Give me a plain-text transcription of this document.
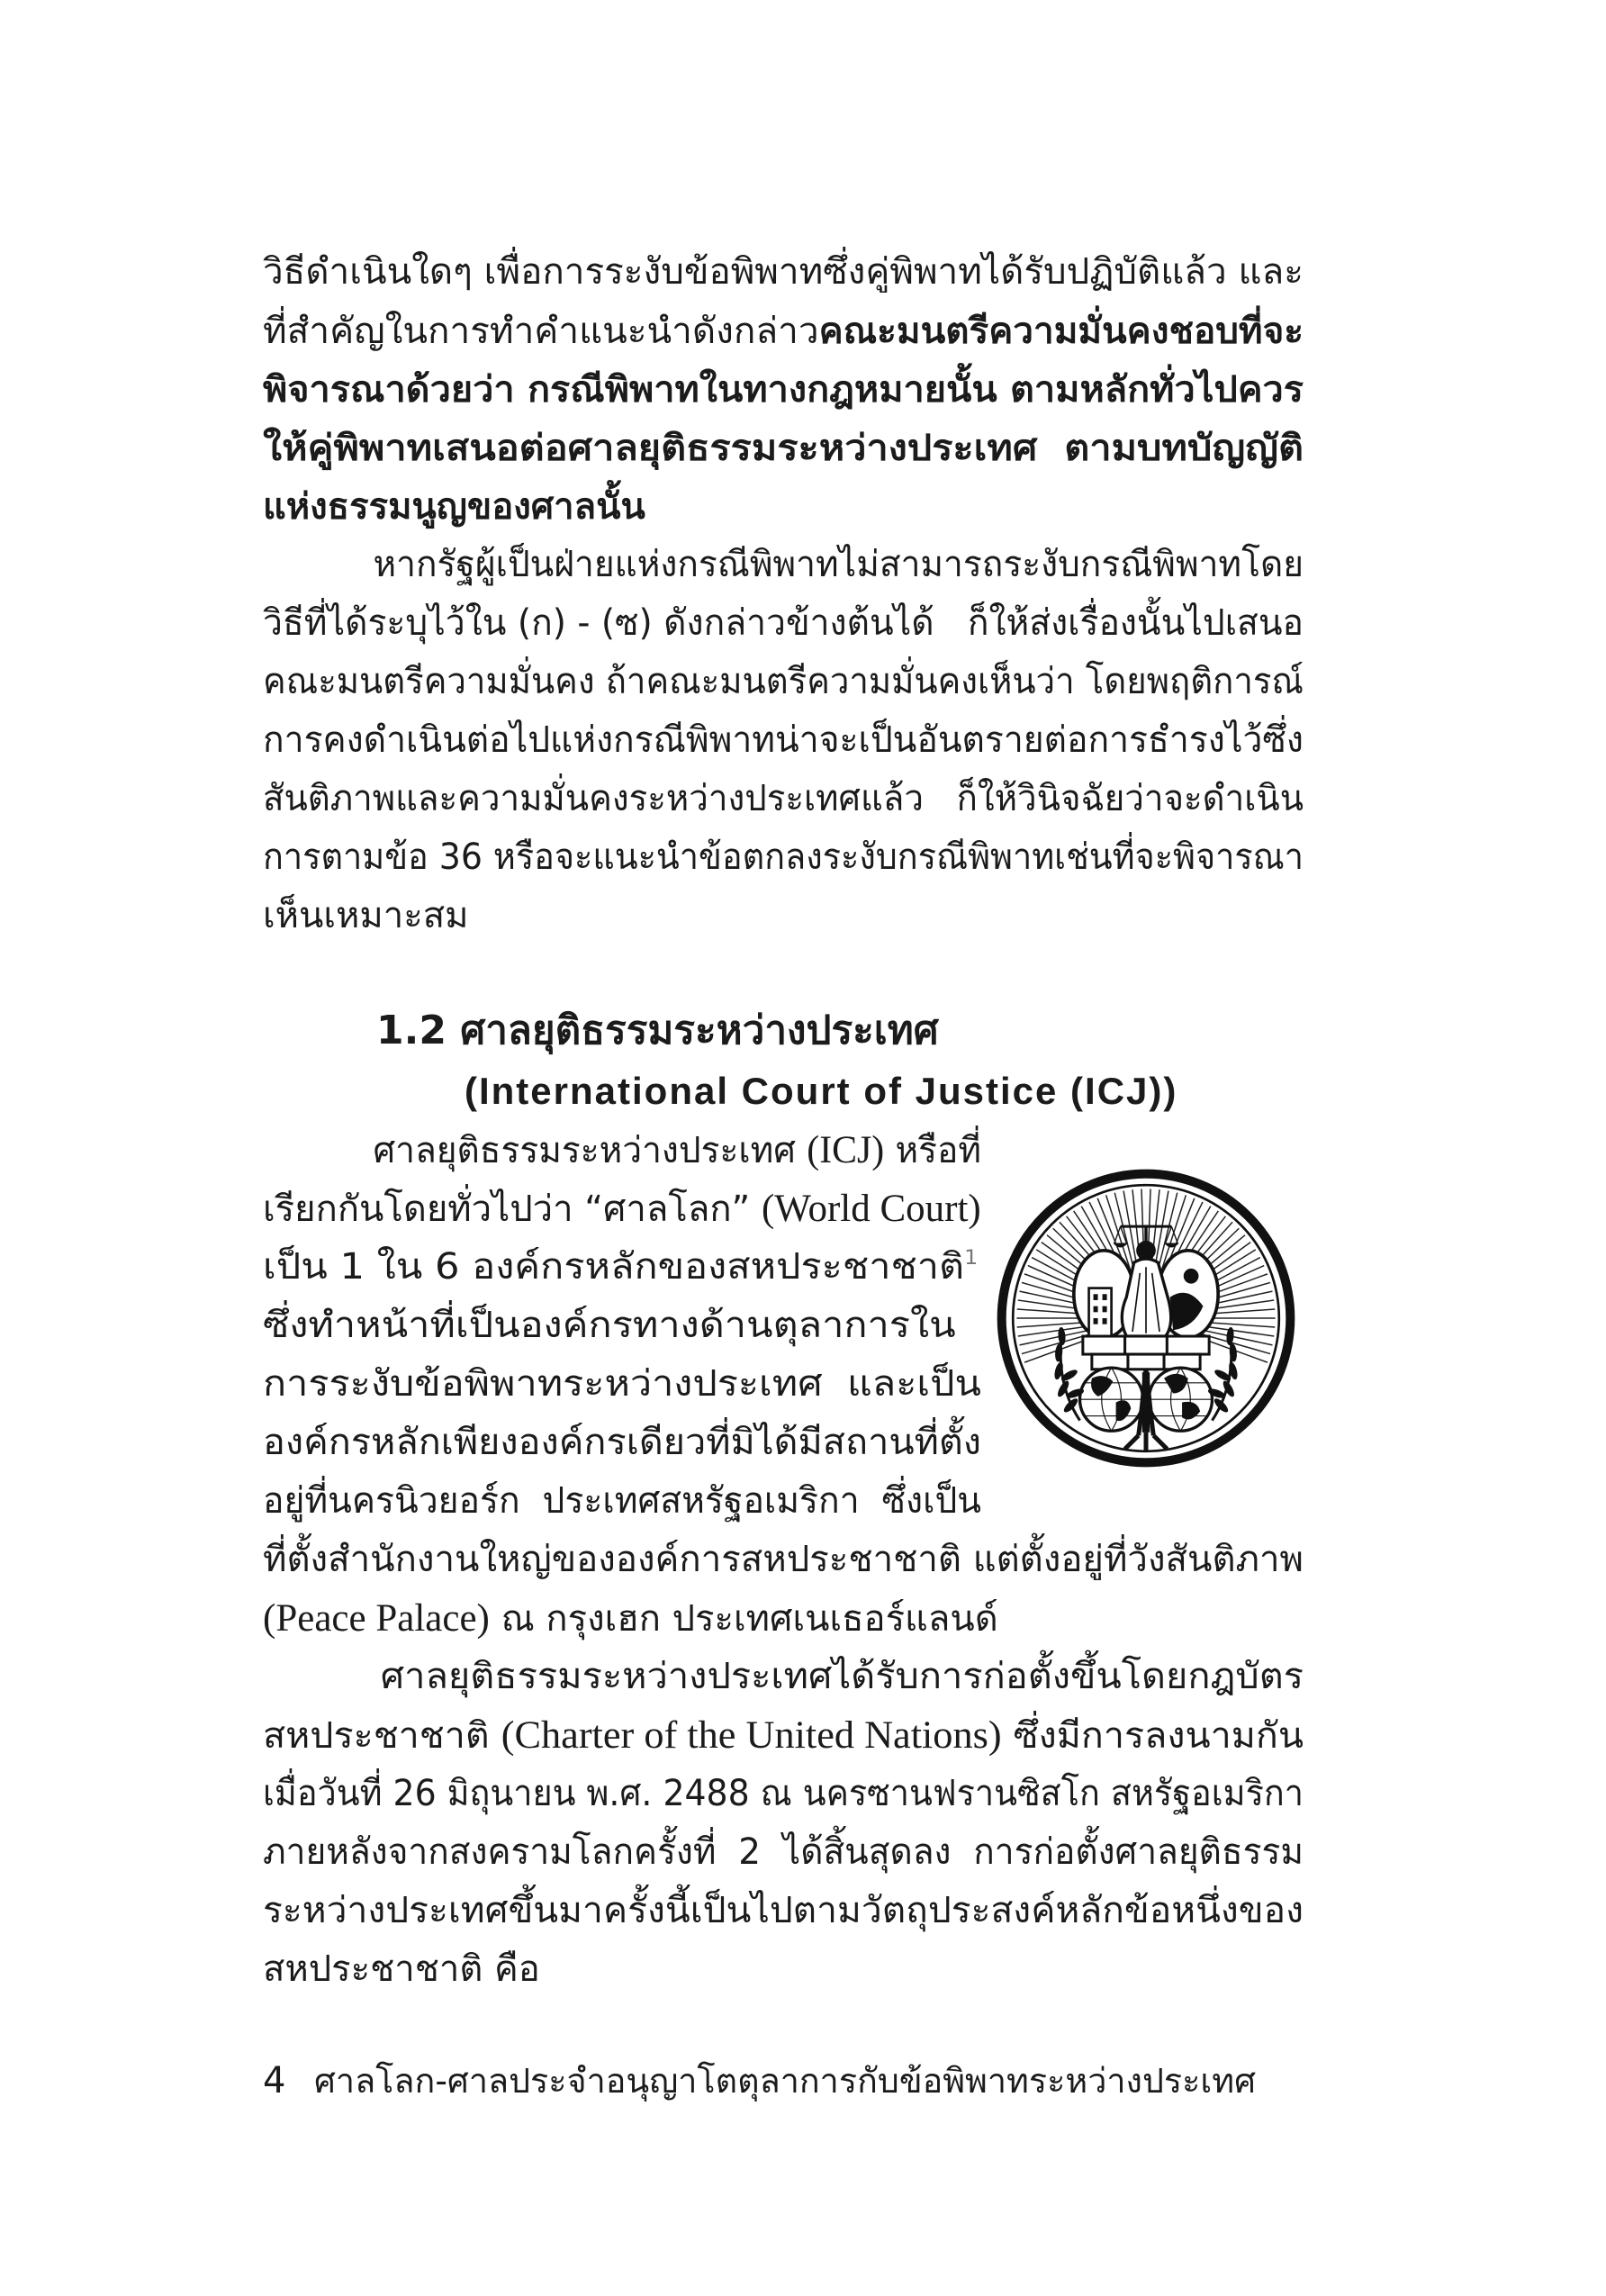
วิธีดำเนินใดๆ เพื่อการระงับข้อพิพาทซึ่งคู่พิพาทได้รับปฏิบัติแล้ว และ
ที่สำคัญในการทำคำแนะนำดังกล่าวคณะมนตรีความมั่นคงชอบที่จะ
พิจารณาด้วยว่า กรณีพิพาทในทางกฎหมายนั้น ตามหลักทั่วไปควร
ให้คู่พิพาทเสนอต่อศาลยุติธรรมระหว่างประเทศ  ตามบทบัญญัติ
แห่งธรรมนูญของศาลนั้น
หากรัฐผู้เป็นฝ่ายแห่งกรณีพิพาทไม่สามารถระงับกรณีพิพาทโดย
วิธีที่ได้ระบุไว้ใน (ก) - (ซ) ดังกล่าวข้างต้นได้   ก็ให้ส่งเรื่องนั้นไปเสนอ
คณะมนตรีความมั่นคง ถ้าคณะมนตรีความมั่นคงเห็นว่า โดยพฤติการณ์
การคงดำเนินต่อไปแห่งกรณีพิพาทน่าจะเป็นอันตรายต่อการธำรงไว้ซึ่ง
สันติภาพและความมั่นคงระหว่างประเทศแล้ว   ก็ให้วินิจฉัยว่าจะดำเนิน
การตามข้อ 36 หรือจะแนะนำข้อตกลงระงับกรณีพิพาทเช่นที่จะพิจารณา
เห็นเหมาะสม
1.2 ศาลยุติธรรมระหว่างประเทศ
(International Court of Justice (ICJ))
ศาลยุติธรรมระหว่างประเทศ (ICJ) หรือที่
เรียกกันโดยทั่วไปว่า “ศาลโลก” (World Court)
เป็น 1 ใน 6 องค์กรหลักของสหประชาชาติ$^1$
ซึ่งทำหน้าที่เป็นองค์กรทางด้านตุลาการใน
การระงับข้อพิพาทระหว่างประเทศ  และเป็น
องค์กรหลักเพียงองค์กรเดียวที่มิได้มีสถานที่ตั้ง
อยู่ที่นครนิวยอร์ก  ประเทศสหรัฐอเมริกา  ซึ่งเป็น
ที่ตั้งสำนักงานใหญ่ขององค์การสหประชาชาติ แต่ตั้งอยู่ที่วังสันติภาพ
(Peace Palace) ณ กรุงเฮก ประเทศเนเธอร์แลนด์
ศาลยุติธรรมระหว่างประเทศได้รับการก่อตั้งขึ้นโดยกฎบัตร
สหประชาชาติ (Charter of the United Nations) ซึ่งมีการลงนามกัน
เมื่อวันที่ 26 มิถุนายน พ.ศ. 2488 ณ นครซานฟรานซิสโก สหรัฐอเมริกา
ภายหลังจากสงครามโลกครั้งที่  2  ได้สิ้นสุดลง  การก่อตั้งศาลยุติธรรม
ระหว่างประเทศขึ้นมาครั้งนี้เป็นไปตามวัตถุประสงค์หลักข้อหนึ่งของ
สหประชาชาติ คือ
4 ศาลโลก-ศาลประจำอนุญาโตตุลาการกับข้อพิพาทระหว่างประเทศ
